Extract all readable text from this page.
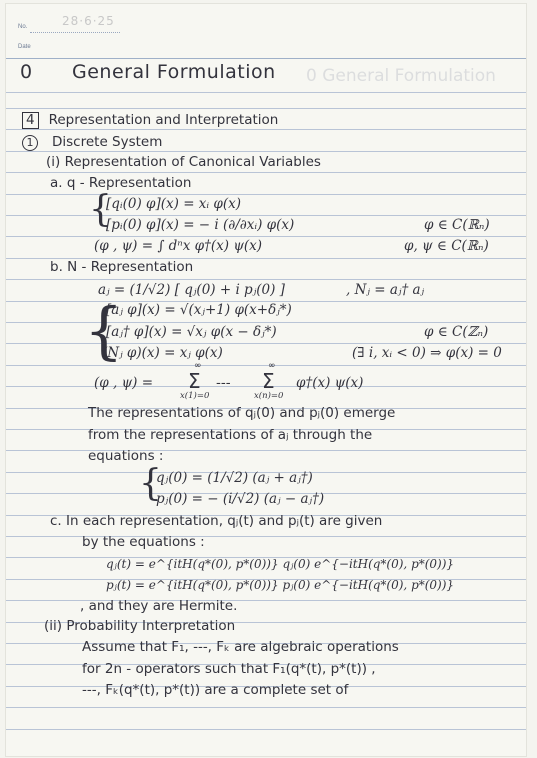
No.
Date
28·6·25
0 General Formulation
0 General Formulation
4 Representation and Interpretation
1 Discrete System
(i) Representation of Canonical Variables
a. q - Representation
{
[qᵢ(0) φ](x) = xᵢ φ(x)
[pᵢ(0) φ](x) = − i (∂/∂xᵢ) φ(x)	φ ∈ C(ℝₙ)
(φ , ψ) = ∫ dⁿx φ†(x) ψ(x)	φ, ψ ∈ C(ℝₙ)
b. N - Representation
aⱼ = (1/√2) [ qⱼ(0) + i pⱼ(0) ]	, Nⱼ = aⱼ† aⱼ
{
[aⱼ φ](x) = √(xⱼ+1) φ(x+δⱼ*)
[aⱼ† φ](x) = √xⱼ φ(x − δⱼ*)	φ ∈ C(ℤₙ)
(Nⱼ φ)(x) = xⱼ φ(x)	(∃ i, xᵢ < 0) ⇒ φ(x) = 0
(φ , ψ) =
∞
Σ
x(1)=0
---
∞
Σ
x(n)=0
φ†(x) ψ(x)
The representations of qⱼ(0) and pⱼ(0) emerge
from the representations of aⱼ through the
equations :
{
qⱼ(0) = (1/√2) (aⱼ + aⱼ†)
pⱼ(0) = − (i/√2) (aⱼ − aⱼ†)
c. In each representation, qⱼ(t) and pⱼ(t) are given
by the equations :
qⱼ(t) = e^{itH(q*(0), p*(0))} qⱼ(0) e^{−itH(q*(0), p*(0))}
pⱼ(t) = e^{itH(q*(0), p*(0))} pⱼ(0) e^{−itH(q*(0), p*(0))}
, and they are Hermite.
(ii) Probability Interpretation
Assume that F₁, ---, Fₖ are algebraic operations
for 2n - operators such that F₁(q*(t), p*(t)) ,
---, Fₖ(q*(t), p*(t)) are a complete set of
